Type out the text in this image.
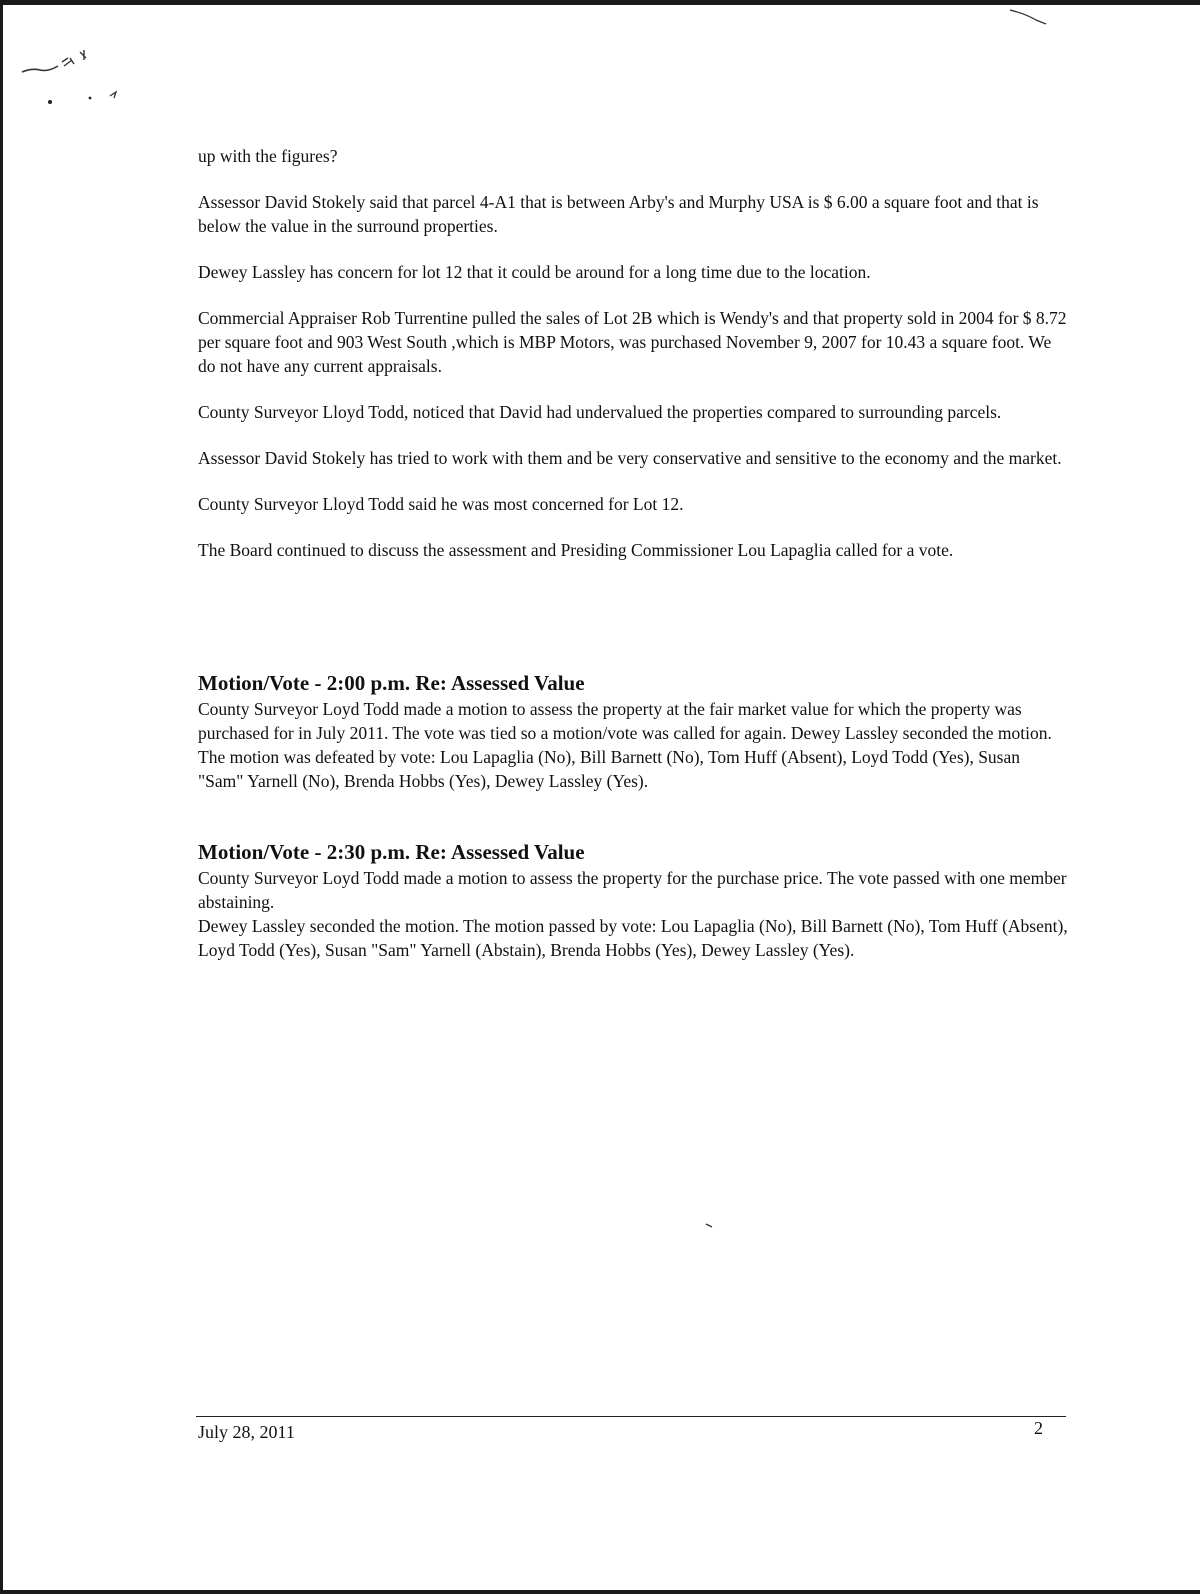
up with the figures?

Assessor David Stokely said that parcel 4-A1 that is between Arby's and Murphy USA is $ 6.00 a square foot and that is below the value in the surround properties.

Dewey Lassley has concern for lot 12 that it could be around for a long time due to the location.

Commercial Appraiser Rob Turrentine pulled the sales of Lot 2B which is Wendy's and that property sold in 2004 for $ 8.72 per square foot and 903 West South ,which is MBP Motors, was purchased November 9, 2007 for 10.43 a square foot. We do not have any current appraisals.

County Surveyor Lloyd Todd, noticed that David had undervalued the properties compared to surrounding parcels.

Assessor David Stokely has tried to work with them and be very conservative and sensitive to the economy and the market.

County Surveyor Lloyd Todd said he was most concerned for Lot 12.

The Board continued to discuss the assessment and Presiding Commissioner Lou Lapaglia called for a vote.

Motion/Vote - 2:00 p.m. Re: Assessed Value

County Surveyor Loyd Todd made a motion to assess the property at the fair market value for which the property was purchased for in July 2011. The vote was tied so a motion/vote was called for again. Dewey Lassley seconded the motion. The motion was defeated by vote: Lou Lapaglia (No), Bill Barnett (No), Tom Huff (Absent), Loyd Todd (Yes), Susan "Sam" Yarnell (No), Brenda Hobbs (Yes), Dewey Lassley (Yes).

Motion/Vote - 2:30 p.m. Re: Assessed Value

County Surveyor Loyd Todd made a motion to assess the property for the purchase price. The vote passed with one member abstaining.

Dewey Lassley seconded the motion. The motion passed by vote: Lou Lapaglia (No), Bill Barnett (No), Tom Huff (Absent), Loyd Todd (Yes), Susan "Sam" Yarnell (Abstain), Brenda Hobbs (Yes), Dewey Lassley (Yes).

July 28, 2011	2
